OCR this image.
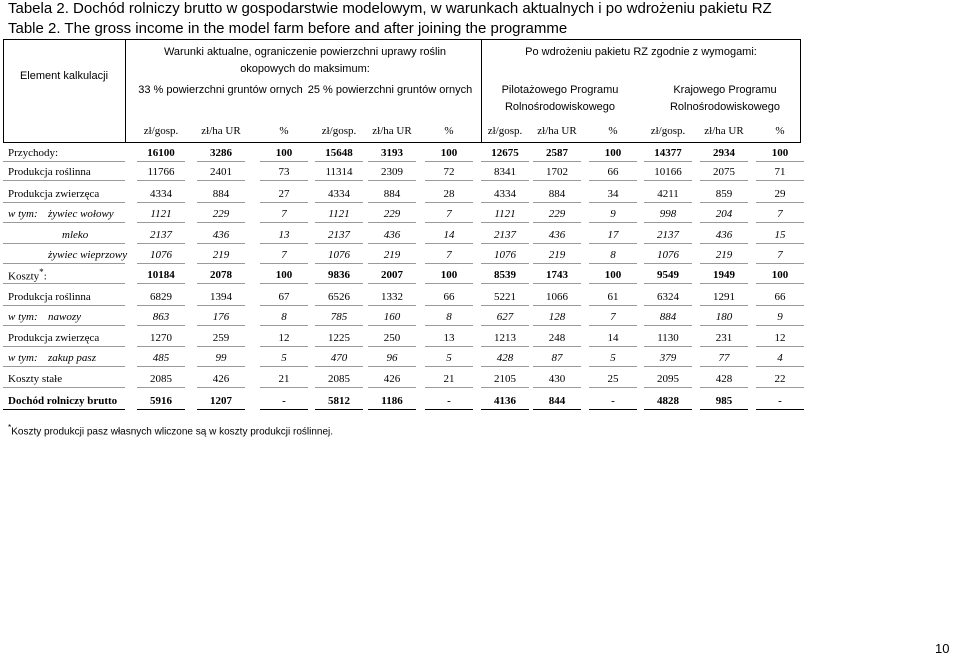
Tabela 2. Dochód rolniczy brutto w gospodarstwie modelowym, w warunkach aktualnych i po wdrożeniu pakietu RZ
Table 2. The gross income in the model farm before and after joining the programme
Element kalkulacji
Warunki aktualne, ograniczenie powierzchni uprawy roślin okopowych do maksimum:
Po wdrożeniu pakietu RZ zgodnie z wymogami:
33 % powierzchni gruntów ornych 25 % powierzchni gruntów ornych	Pilotażowego Programu Rolnośrodowiskowego
Krajowego Programu Rolnośrodowiskowego
zł/gosp.	zł/ha UR	%	zł/gosp.	zł/ha UR	%	zł/gosp.	zł/ha UR	%	zł/gosp.	zł/ha UR	%
Przychody:	16100	3286	100	15648	3193	100	12675	2587	100	14377	2934	100
Produkcja roślinna	11766	2401	73	11314	2309	72	8341	1702	66	10166	2075	71
Produkcja zwierzęca	4334	884	27	4334	884	28	4334	884	34	4211	859	29
w tym: żywiec wołowy	1121	229	7	1121	229	7	1121	229	9	998	204	7
mleko	2137	436	13	2137	436	14	2137	436	17	2137	436	15
żywiec wieprzowy	1076	219	7	1076	219	7	1076	219	8	1076	219	7
Koszty*:	10184	2078	100	9836	2007	100	8539	1743	100	9549	1949	100
Produkcja roślinna	6829	1394	67	6526	1332	66	5221	1066	61	6324	1291	66
w tym: nawozy	863	176	8	785	160	8	627	128	7	884	180	9
Produkcja zwierzęca	1270	259	12	1225	250	13	1213	248	14	1130	231	12
w tym: zakup pasz	485	99	5	470	96	5	428	87	5	379	77	4
Koszty stałe	2085	426	21	2085	426	21	2105	430	25	2095	428	22
Dochód rolniczy brutto	5916	1207	-	5812	1186	-	4136	844	-	4828	985	-
*Koszty produkcji pasz własnych wliczone są w koszty produkcji roślinnej.
10
